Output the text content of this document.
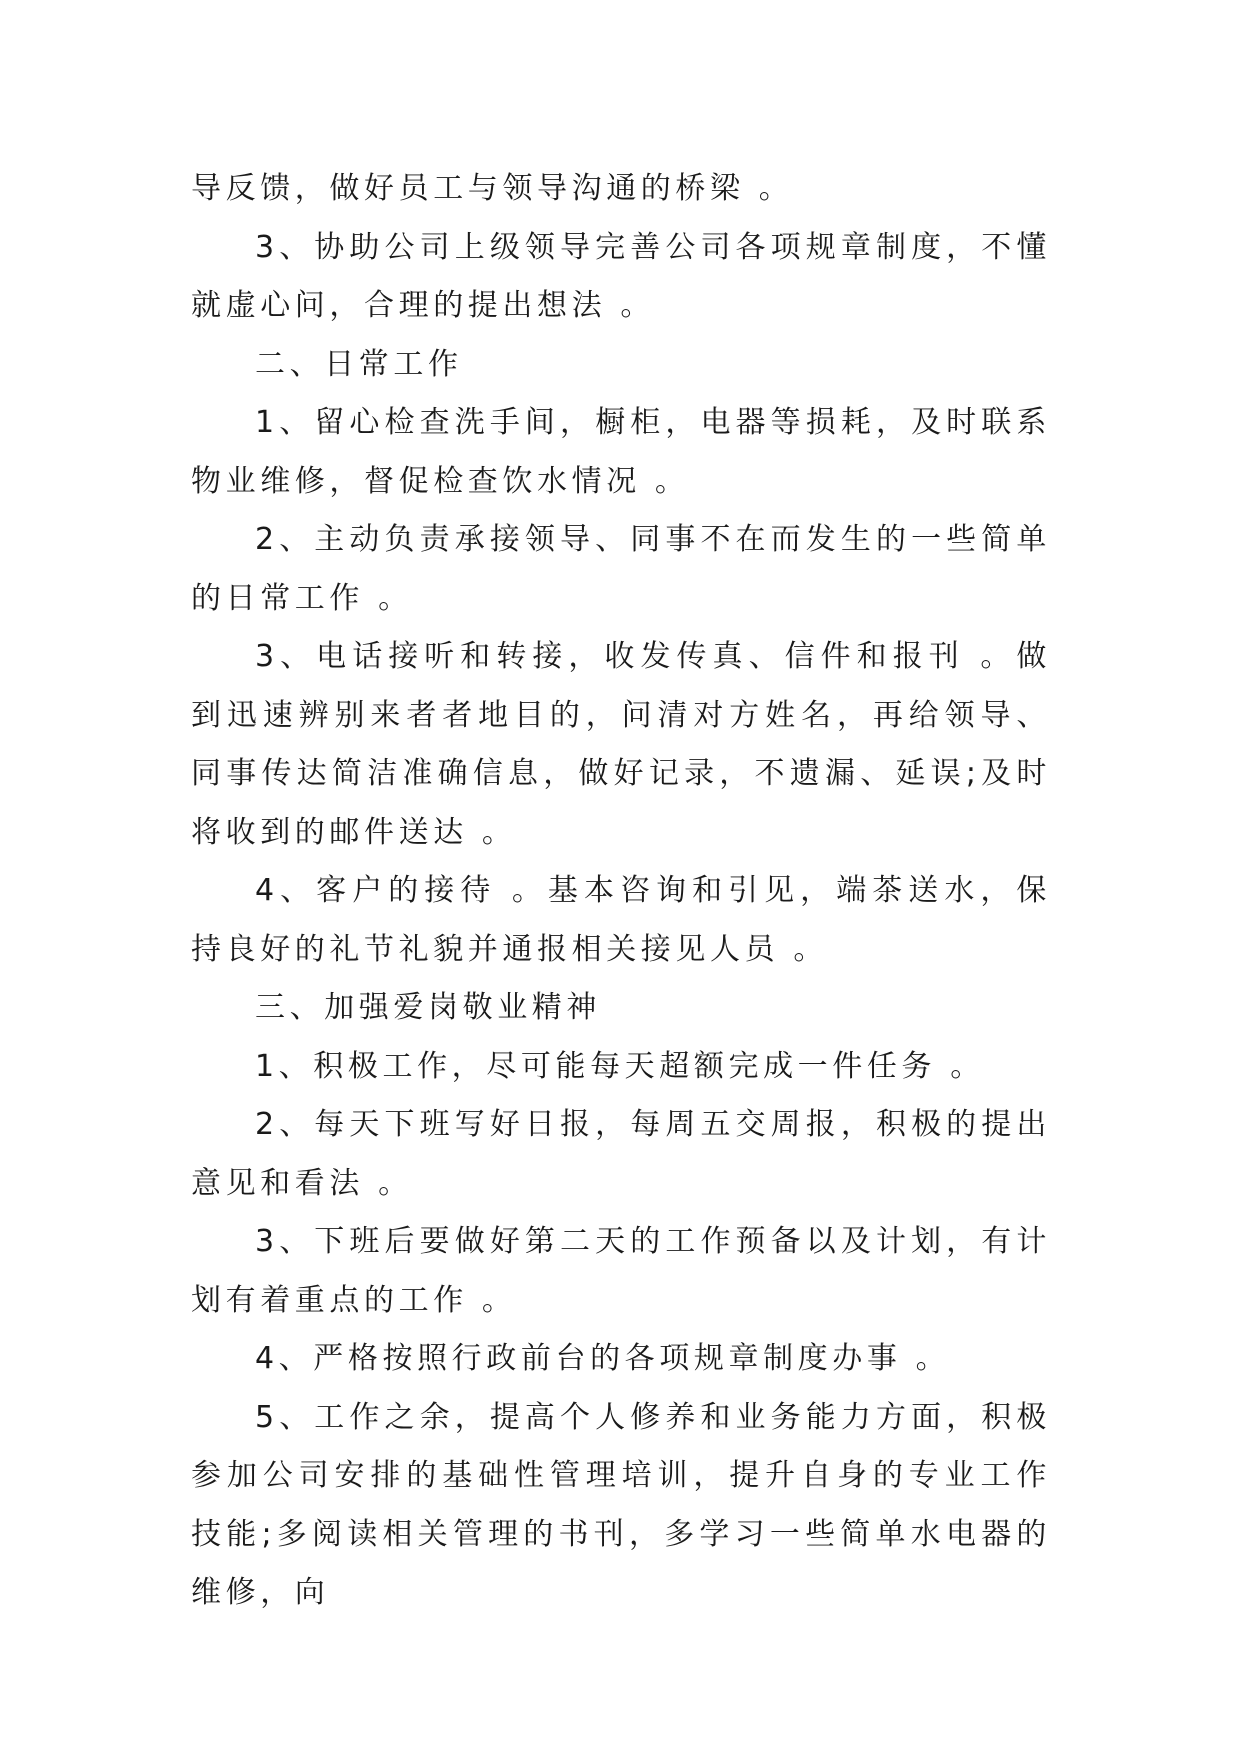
导反馈，做好员工与领导沟通的桥梁 。

3、协助公司上级领导完善公司各项规章制度，不懂就虚心问，合理的提出想法 。

二、日常工作

1、留心检查洗手间，橱柜，电器等损耗，及时联系物业维修，督促检查饮水情况 。

2、主动负责承接领导、同事不在而发生的一些简单的日常工作 。

3、电话接听和转接，收发传真、信件和报刊 。做到迅速辨别来者者地目的，问清对方姓名，再给领导、同事传达简洁准确信息，做好记录，不遗漏、延误;及时将收到的邮件送达 。

4、客户的接待 。基本咨询和引见，端茶送水，保持良好的礼节礼貌并通报相关接见人员 。

三、加强爱岗敬业精神

1、积极工作，尽可能每天超额完成一件任务 。

2、每天下班写好日报，每周五交周报，积极的提出意见和看法 。

3、下班后要做好第二天的工作预备以及计划，有计划有着重点的工作 。

4、严格按照行政前台的各项规章制度办事 。

5、工作之余，提高个人修养和业务能力方面，积极参加公司安排的基础性管理培训，提升自身的专业工作技能;多阅读相关管理的书刊，多学习一些简单水电器的维修，向
